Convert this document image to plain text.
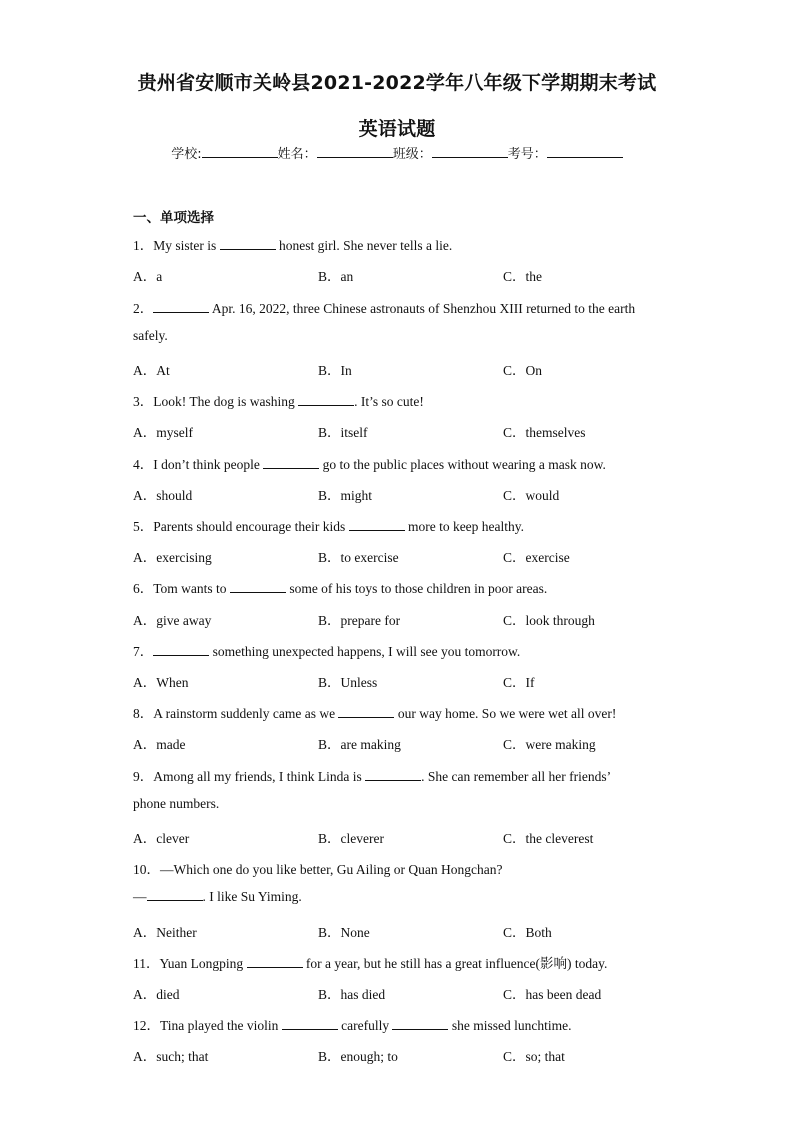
贵州省安顺市关岭县2021-2022学年八年级下学期期末考试
英语试题
学校:	姓名：	班级：	考号：
一、单项选择
1．My sister is	honest girl. She never tells a lie.
A．a	B．an	C．the
2．	Apr. 16, 2022, three Chinese astronauts of Shenzhou XIII returned to the earth
safely.
A．At	B．In	C．On
3．Look! The dog is washing	. It’s so cute!
A．myself	B．itself	C．themselves
4．I don’t think people	go to the public places without wearing a mask now.
A．should	B．might	C．would
5．Parents should encourage their kids	more to keep healthy.
A．exercising	B．to exercise	C．exercise
6．Tom wants to	some of his toys to those children in poor areas.
A．give away	B．prepare for	C．look through
7．	something unexpected happens, I will see you tomorrow.
A．When	B．Unless	C．If
8．A rainstorm suddenly came as we	our way home. So we were wet all over!
A．made	B．are making	C．were making
9．Among all my friends, I think Linda is	. She can remember all her friends’
phone numbers.
A．clever	B．cleverer	C．the cleverest
10．—Which one do you like better, Gu Ailing or Quan Hongchan?
—	. I like Su Yiming.
A．Neither	B．None	C．Both
11．Yuan Longping	for a year, but he still has a great influence(影响) today.
A．died	B．has died	C．has been dead
12．Tina played the violin	carefully	she missed lunchtime.
A．such; that	B．enough; to	C．so; that
